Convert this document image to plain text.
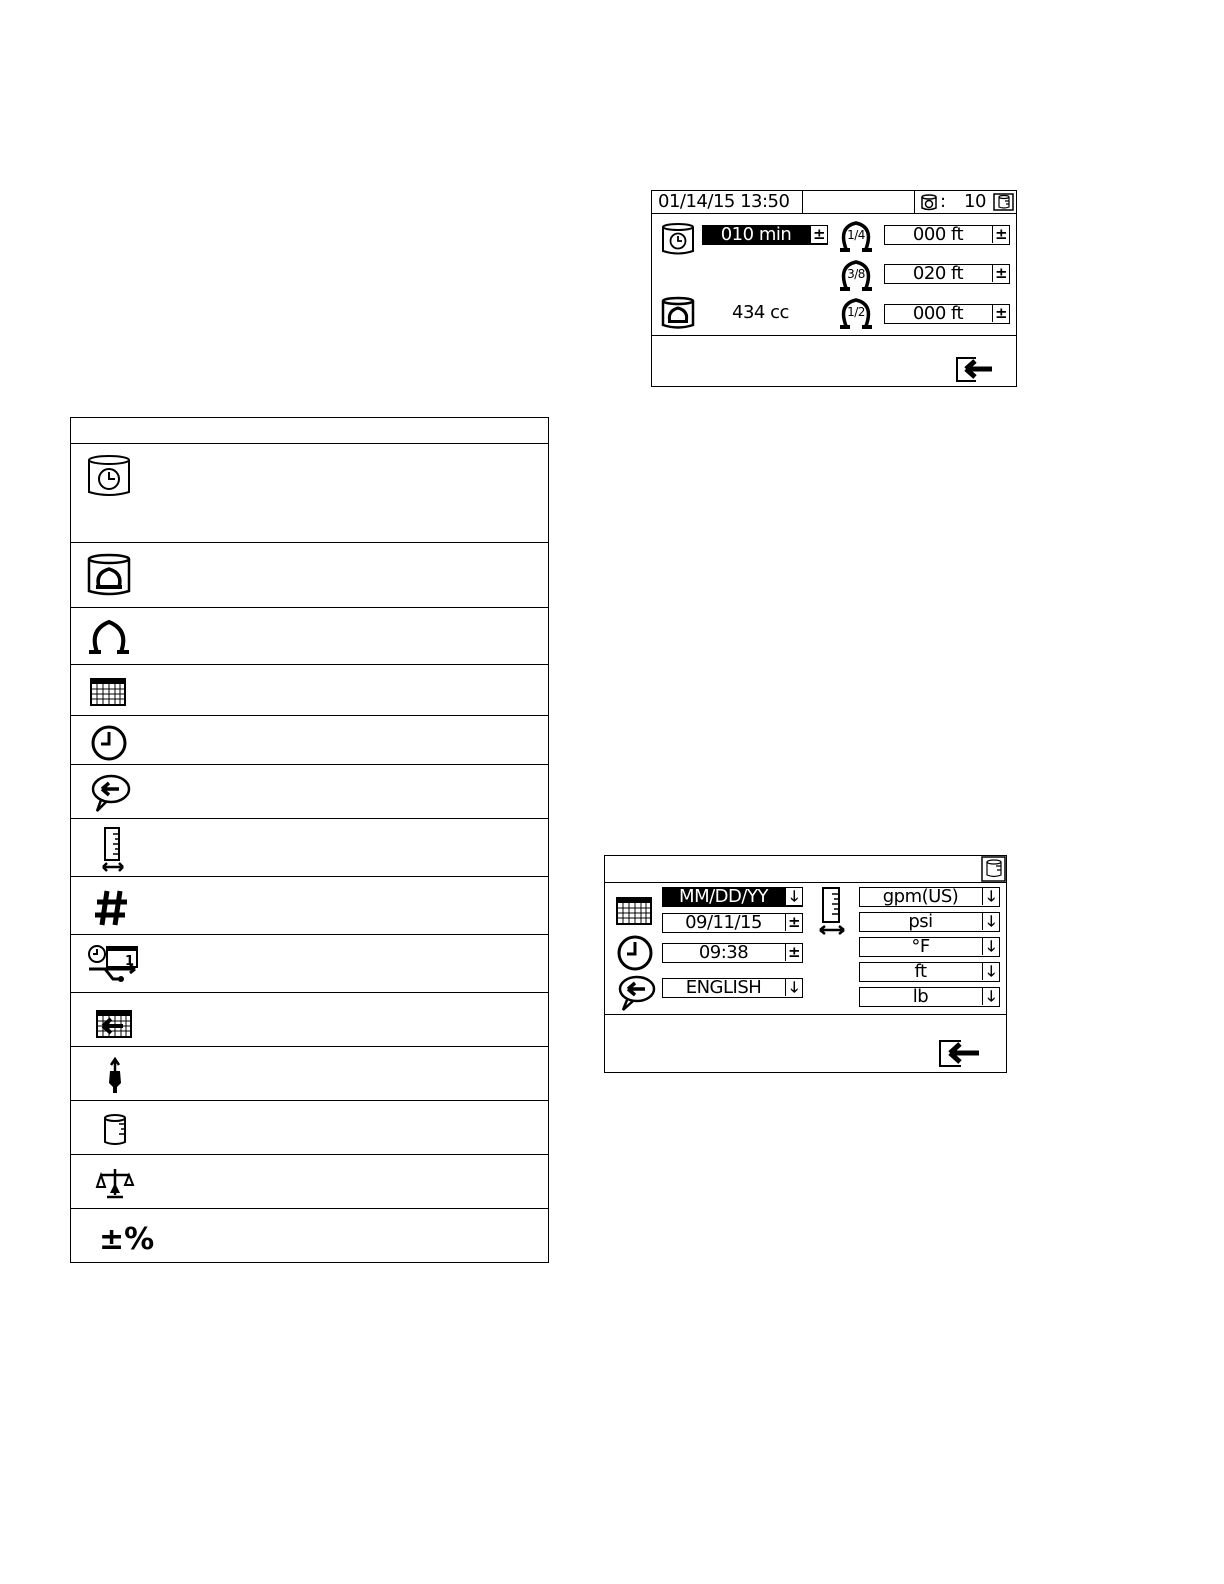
1
±%
01/14/15 13:50	: 10
010 min ±
434 cc
1/4	000 ft ±
3/8	020 ft ±
1/2	000 ft ±
MM/DD/YY	🡓
09/11/15 ±
09:38	±
ENGLISH	🡓
gpm(US)	🡓
psi	🡓
°F	🡓
ft	🡓
lb	🡓
